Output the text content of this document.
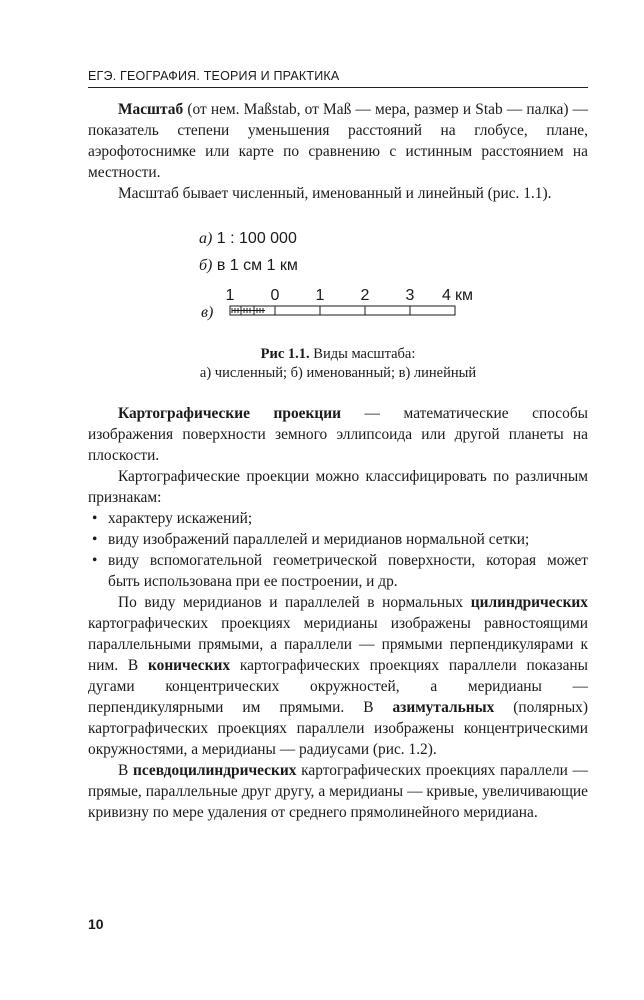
ЕГЭ. ГЕОГРАФИЯ. ТЕОРИЯ И ПРАКТИКА

Масштаб (от нем. Maßstab, от Maß — мера, размер и Stab — палка) — показатель степени уменьшения расстояний на глобусе, плане, аэрофотоснимке или карте по сравнению с истинным расстоянием на местности.

Масштаб бывает численный, именованный и линейный (рис. 1.1).

а) 1 : 100 000
б) в 1 см 1 км
в)
1 0 1 2 3 4 км
Рис 1.1. Виды масштаба:
а) численный; б) именованный; в) линейный

Картографические проекции — математические способы изображения поверхности земного эллипсоида или другой планеты на плоскости.

Картографические проекции можно классифицировать по различным признакам:

• характеру искажений;
• виду изображений параллелей и меридианов нормальной сетки;
• виду вспомогательной геометрической поверхности, которая может быть использована при ее построении, и др.

По виду меридианов и параллелей в нормальных цилиндрических картографических проекциях меридианы изображены равностоящими параллельными прямыми, а параллели — прямыми перпендикулярами к ним. В конических картографических проекциях параллели показаны дугами концентрических окружностей, а меридианы — перпендикулярными им прямыми. В азимутальных (полярных) картографических проекциях параллели изображены концентрическими окружностями, а меридианы — радиусами (рис. 1.2).

В псевдоцилиндрических картографических проекциях параллели — прямые, параллельные друг другу, а меридианы — кривые, увеличивающие кривизну по мере удаления от среднего прямолинейного меридиана.

10
